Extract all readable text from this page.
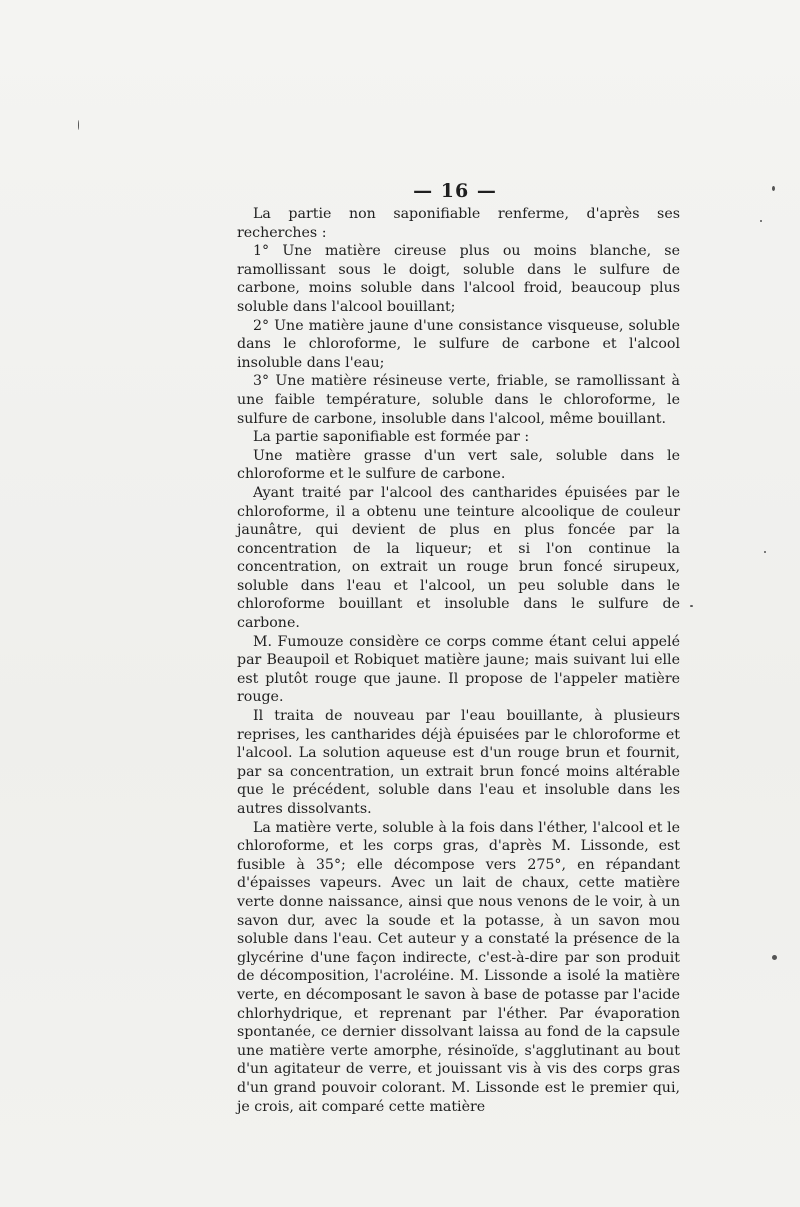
— 16 —

La partie non saponifiable renferme, d'après ses recherches :

1° Une matière cireuse plus ou moins blanche, se ramollissant sous le doigt, soluble dans le sulfure de carbone, moins soluble dans l'alcool froid, beaucoup plus soluble dans l'alcool bouillant;

2° Une matière jaune d'une consistance visqueuse, soluble dans le chloroforme, le sulfure de carbone et l'alcool insoluble dans l'eau;

3° Une matière résineuse verte, friable, se ramollissant à une faible température, soluble dans le chloroforme, le sulfure de carbone, insoluble dans l'alcool, même bouillant.

La partie saponifiable est formée par :

Une matière grasse d'un vert sale, soluble dans le chloroforme et le sulfure de carbone.

Ayant traité par l'alcool des cantharides épuisées par le chloroforme, il a obtenu une teinture alcoolique de couleur jaunâtre, qui devient de plus en plus foncée par la concentration de la liqueur; et si l'on continue la concentration, on extrait un rouge brun foncé sirupeux, soluble dans l'eau et l'alcool, un peu soluble dans le chloroforme bouillant et insoluble dans le sulfure de carbone.

M. Fumouze considère ce corps comme étant celui appelé par Beaupoil et Robiquet matière jaune; mais suivant lui elle est plutôt rouge que jaune. Il propose de l'appeler matière rouge.

Il traita de nouveau par l'eau bouillante, à plusieurs reprises, les cantharides déjà épuisées par le chloroforme et l'alcool. La solution aqueuse est d'un rouge brun et fournit, par sa concentration, un extrait brun foncé moins altérable que le précédent, soluble dans l'eau et insoluble dans les autres dissolvants.

La matière verte, soluble à la fois dans l'éther, l'alcool et le chloroforme, et les corps gras, d'après M. Lissonde, est fusible à 35°; elle décompose vers 275°, en répandant d'épaisses vapeurs. Avec un lait de chaux, cette matière verte donne naissance, ainsi que nous venons de le voir, à un savon dur, avec la soude et la potasse, à un savon mou soluble dans l'eau. Cet auteur y a constaté la présence de la glycérine d'une façon indirecte, c'est-à-dire par son produit de décomposition, l'acroléine. M. Lissonde a isolé la matière verte, en décomposant le savon à base de potasse par l'acide chlorhydrique, et reprenant par l'éther. Par évaporation spontanée, ce dernier dissolvant laissa au fond de la capsule une matière verte amorphe, résinoïde, s'agglutinant au bout d'un agitateur de verre, et jouissant vis à vis des corps gras d'un grand pouvoir colorant. M. Lissonde est le premier qui, je crois, ait comparé cette matière
